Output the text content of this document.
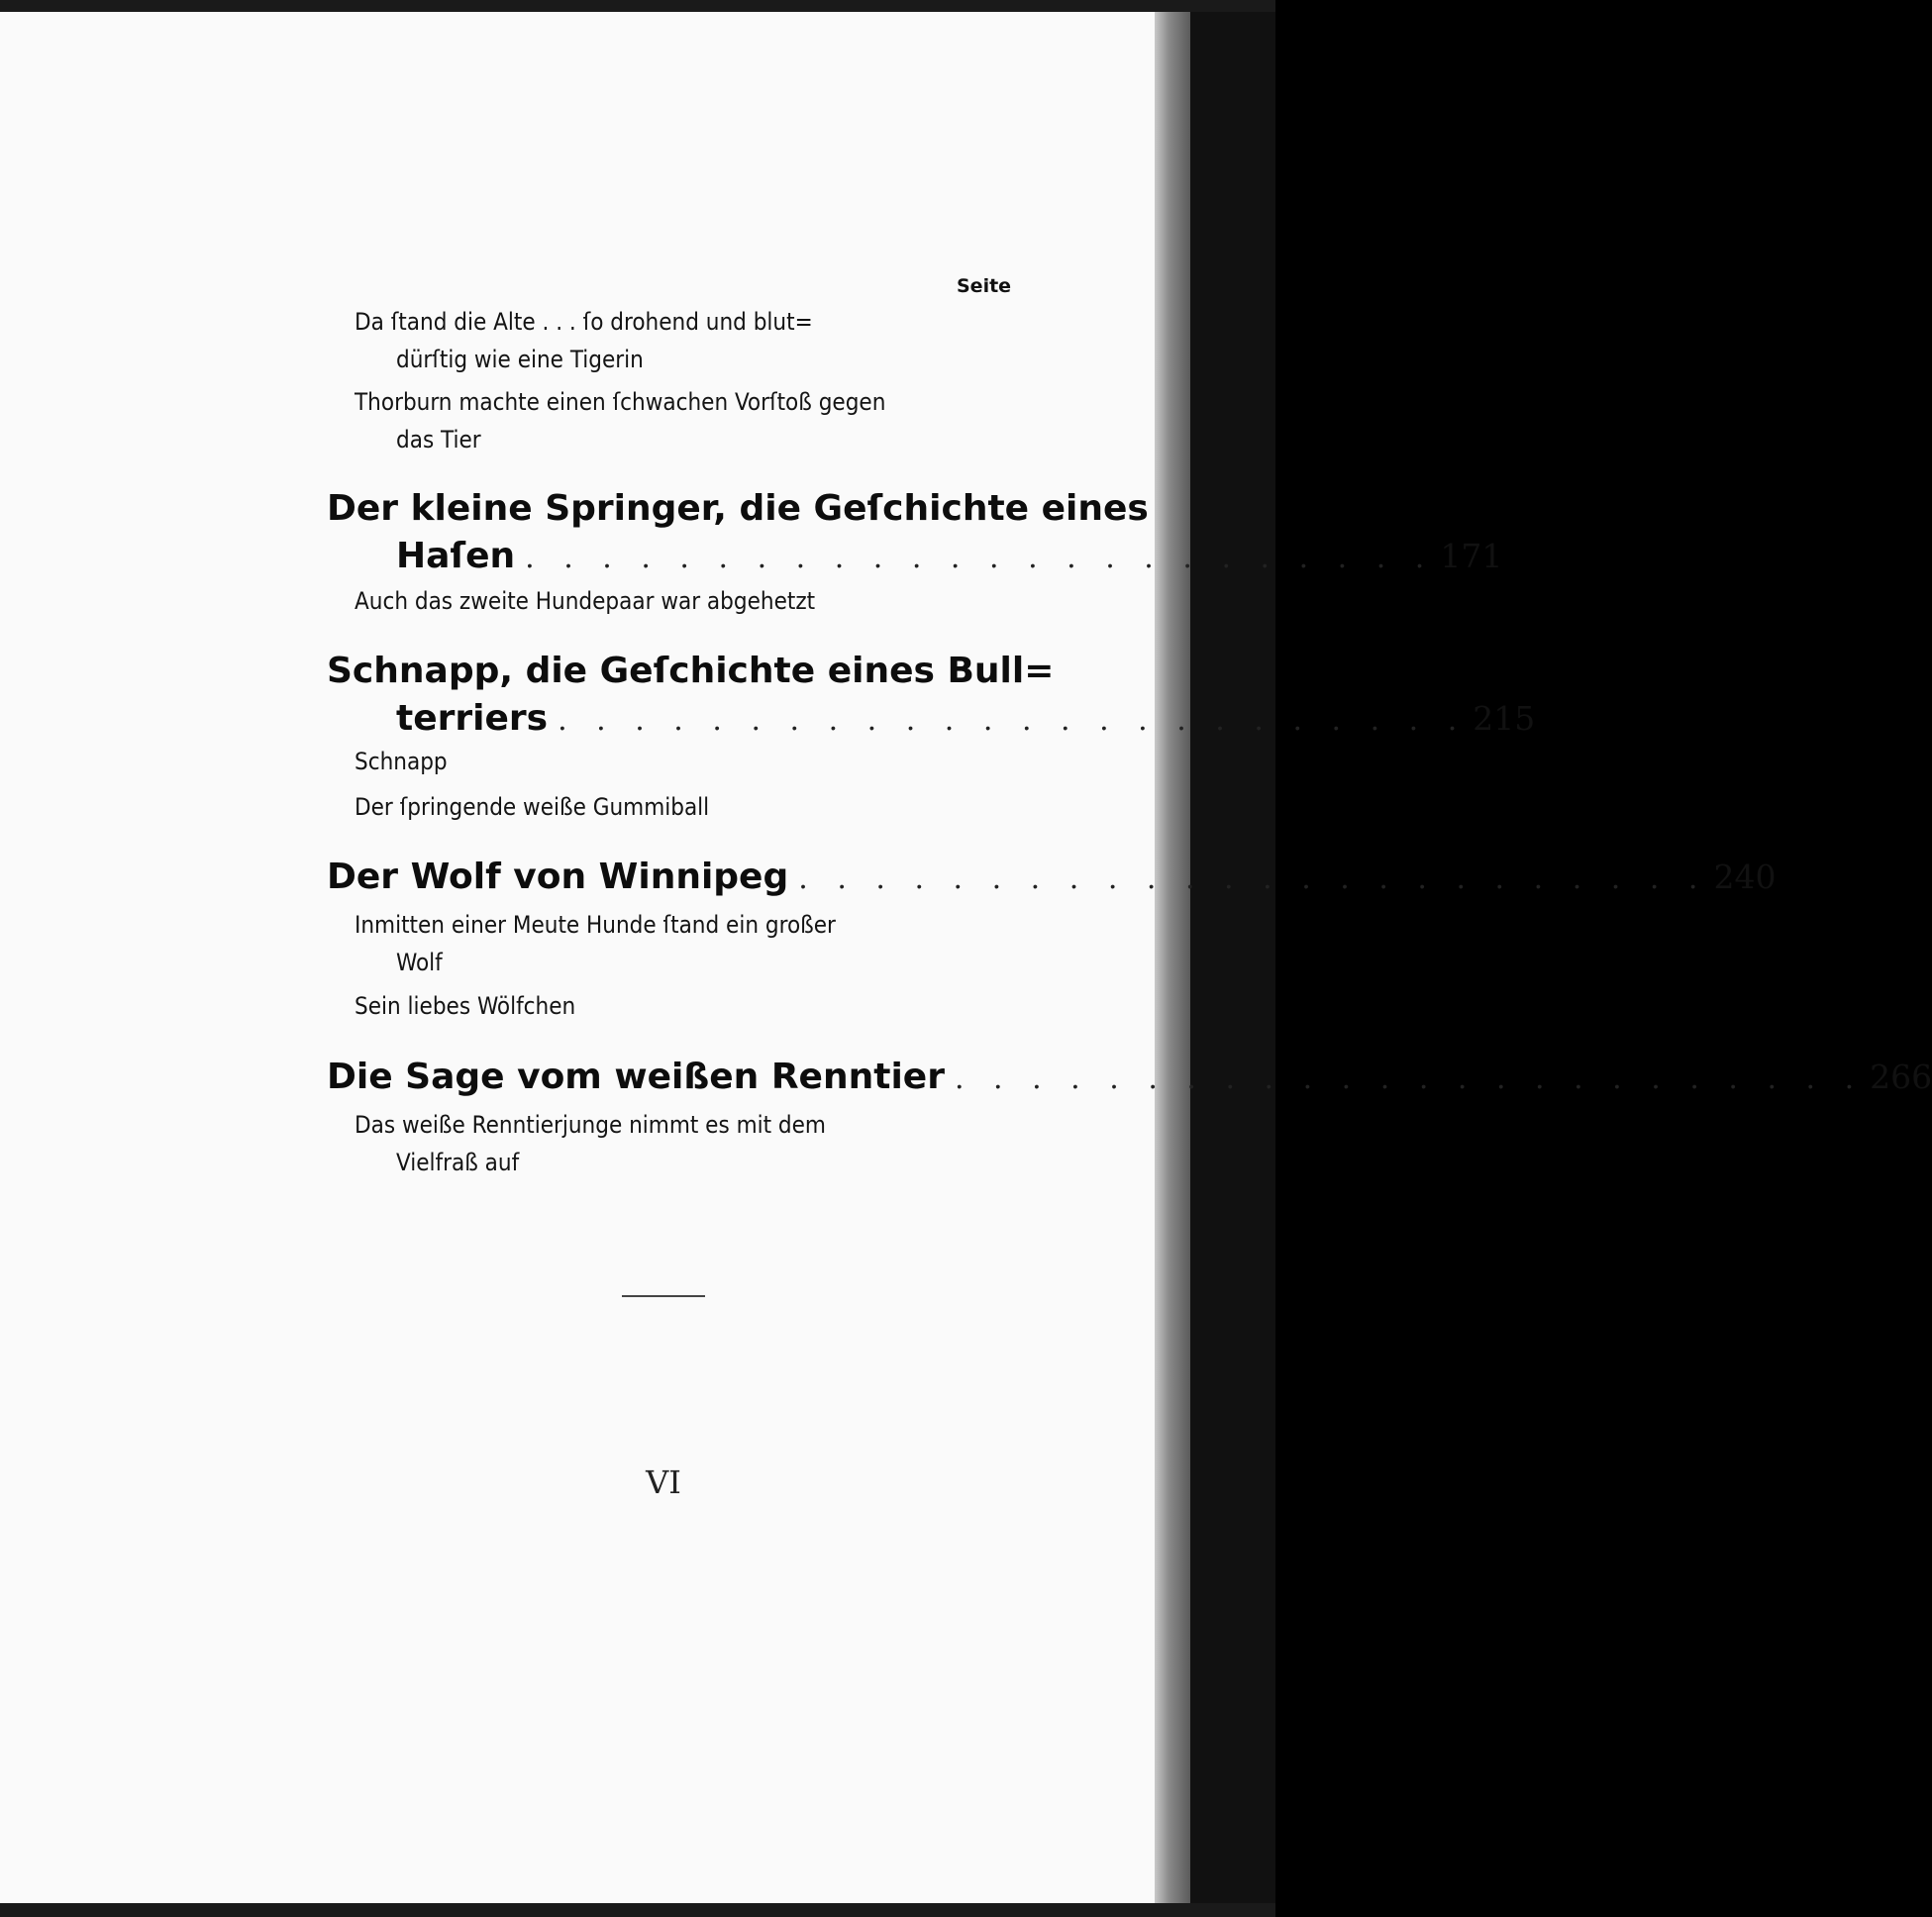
Seite
Da ſtand die Alte . . . ſo drohend und blut=
dürſtig wie eine Tigerin
Thorburn machte einen ſchwachen Vorſtoß gegen
das Tier
Der kleine Springer, die Geſchichte eines
Haſen . . . . . . . . . . . . . . . . . . . . . . . . 171
Auch das zweite Hundepaar war abgehetzt
Schnapp, die Geſchichte eines Bull=
terriers . . . . . . . . . . . . . . . . . . . . . . . . 215
Schnapp
Der ſpringende weiße Gummiball
Der Wolf von Winnipeg . . . . . . . . . . . . . . . . . . . . . . . . 240
Inmitten einer Meute Hunde ſtand ein großer
Wolf
Sein liebes Wölfchen
Die Sage vom weißen Renntier . . . . . . . . . . . . . . . . . . . . . . . . 266
Das weiße Renntierjunge nimmt es mit dem
Vielfraß auf
VI
